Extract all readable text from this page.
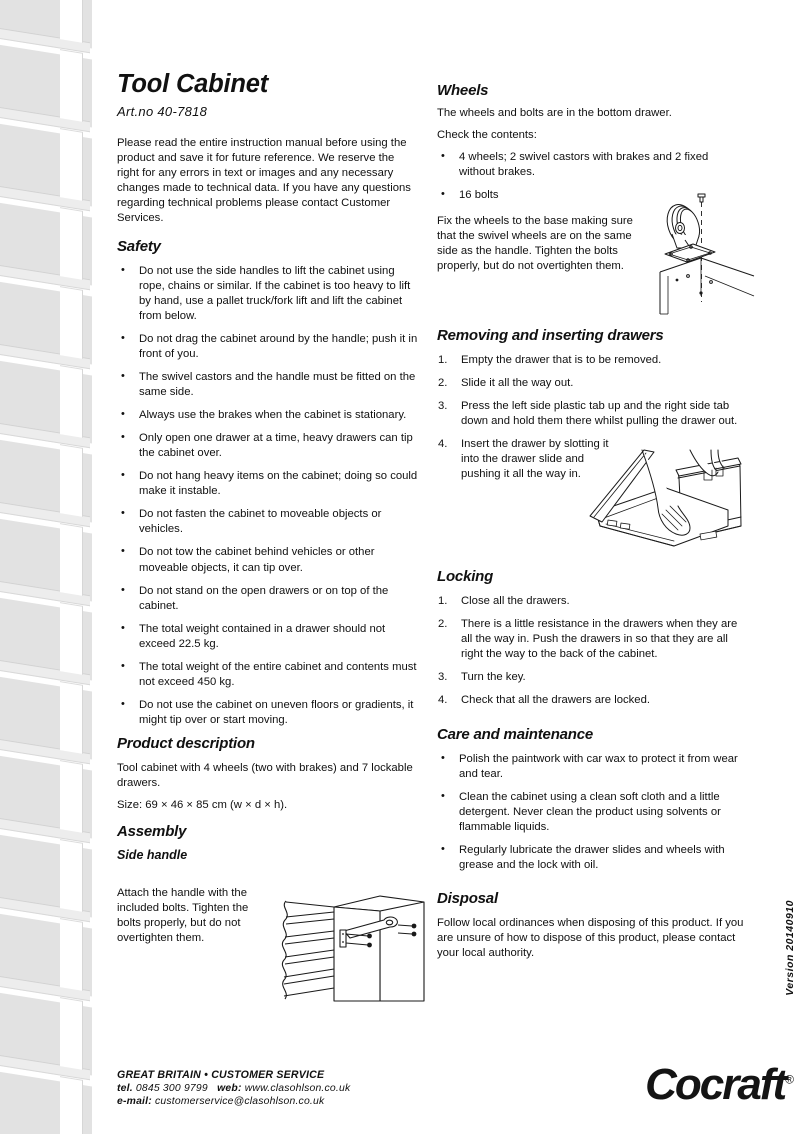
Tool Cabinet
Art.no 40-7818

Please read the entire instruction manual before using the product and save it for future reference. We reserve the right for any errors in text or images and any necessary changes made to technical data. If you have any questions regarding technical problems please contact Customer Services.

Safety
• Do not use the side handles to lift the cabinet using rope, chains or similar. If the cabinet is too heavy to lift by hand, use a pallet truck/fork lift and lift the cabinet from below.
• Do not drag the cabinet around by the handle; push it in front of you.
• The swivel castors and the handle must be fitted on the same side.
• Always use the brakes when the cabinet is stationary.
• Only open one drawer at a time, heavy drawers can tip the cabinet over.
• Do not hang heavy items on the cabinet; doing so could make it instable.
• Do not fasten the cabinet to moveable objects or vehicles.
• Do not tow the cabinet behind vehicles or other moveable objects, it can tip over.
• Do not stand on the open drawers or on top of the cabinet.
• The total weight contained in a drawer should not exceed 22.5 kg.
• The total weight of the entire cabinet and contents must not exceed 450 kg.
• Do not use the cabinet on uneven floors or gradients, it might tip over or start moving.
Product description

Tool cabinet with 4 wheels (two with brakes) and 7 lockable drawers.

Size: 69 × 46 × 85 cm (w × d × h).

Assembly
Side handle

Attach the handle with the included bolts. Tighten the bolts properly, but do not overtighten them.

Wheels

The wheels and bolts are in the bottom drawer.

Check the contents:

• 4 wheels; 2 swivel castors with brakes and 2 fixed without brakes.
• 16 bolts

Fix the wheels to the base making sure that the swivel wheels are on the same side as the handle. Tighten the bolts properly, but do not overtighten them.

Removing and inserting drawers
Empty the drawer that is to be removed.
Slide it all the way out.
Press the left side plastic tab up and the right side tab down and hold them there whilst pulling the drawer out.
Insert the drawer by slotting it into the drawer slide and pushing it all the way in.
Locking
Close all the drawers.
There is a little resistance in the drawers when they are all the way in. Push the drawers in so that they are all right the way to the back of the cabinet.
Turn the key.
Check that all the drawers are locked.
Care and maintenance
• Polish the paintwork with car wax to protect it from wear and tear.
• Clean the cabinet using a clean soft cloth and a little detergent. Never clean the product using solvents or flammable liquids.
• Regularly lubricate the drawer slides and wheels with grease and the lock with oil.
Disposal

Follow local ordinances when disposing of this product. If you are unsure of how to dispose of this product, please contact your local authority.	Version 20140910

GREAT BRITAIN • CUSTOMER SERVICE

tel. 0845 300 9799 web: www.clasohlson.co.uk

e-mail: customerservice@clasohlson.co.uk	Cocraft®
